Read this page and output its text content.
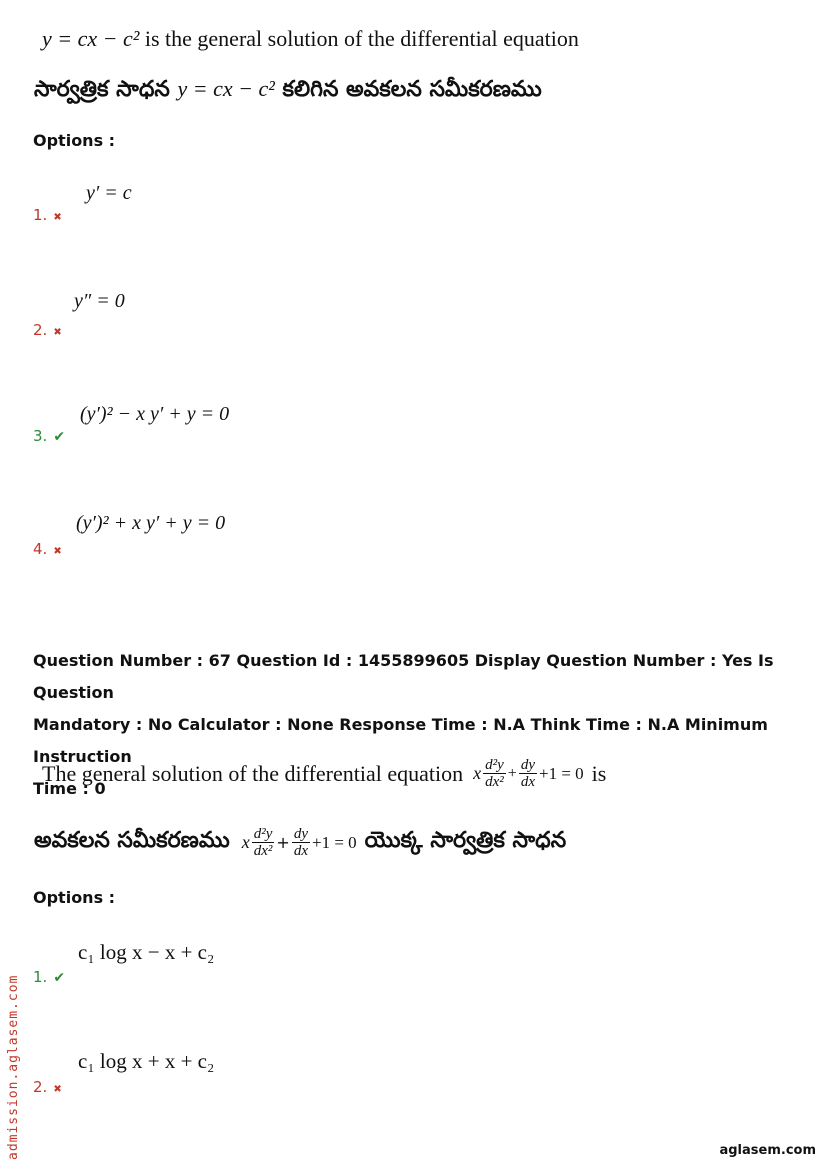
y = cx − c² is the general solution of the differential equation
సార్వత్రిక సాధన y = cx − c² కలిగిన అవకలన సమీకరణము
Options :
y′ = c
1. ✖
y″ = 0
2. ✖
(y′)² − x y′ + y = 0
3. ✔
(y′)² + x y′ + y = 0
4. ✖
Question Number : 67 Question Id : 1455899605 Display Question Number : Yes Is Question
Mandatory : No Calculator : None Response Time : N.A Think Time : N.A Minimum Instruction
Time : 0
The general solution of the differential equation x $\frac{\text{d²y}}{\text{dx²}} + \frac{dy}{dx} +1 = 0$ is
అవకలన సమీకరణము x $\frac{\text{d²y}}{\text{dx²}} + \frac{dy}{dx} +1 = 0$ యొక్క సార్వత్రిక సాధన
Options :
c₁ log x − x + c₂
1. ✔
c₁ log x + x + c₂
2. ✖
admission.aglasem.com	aglasem.com
